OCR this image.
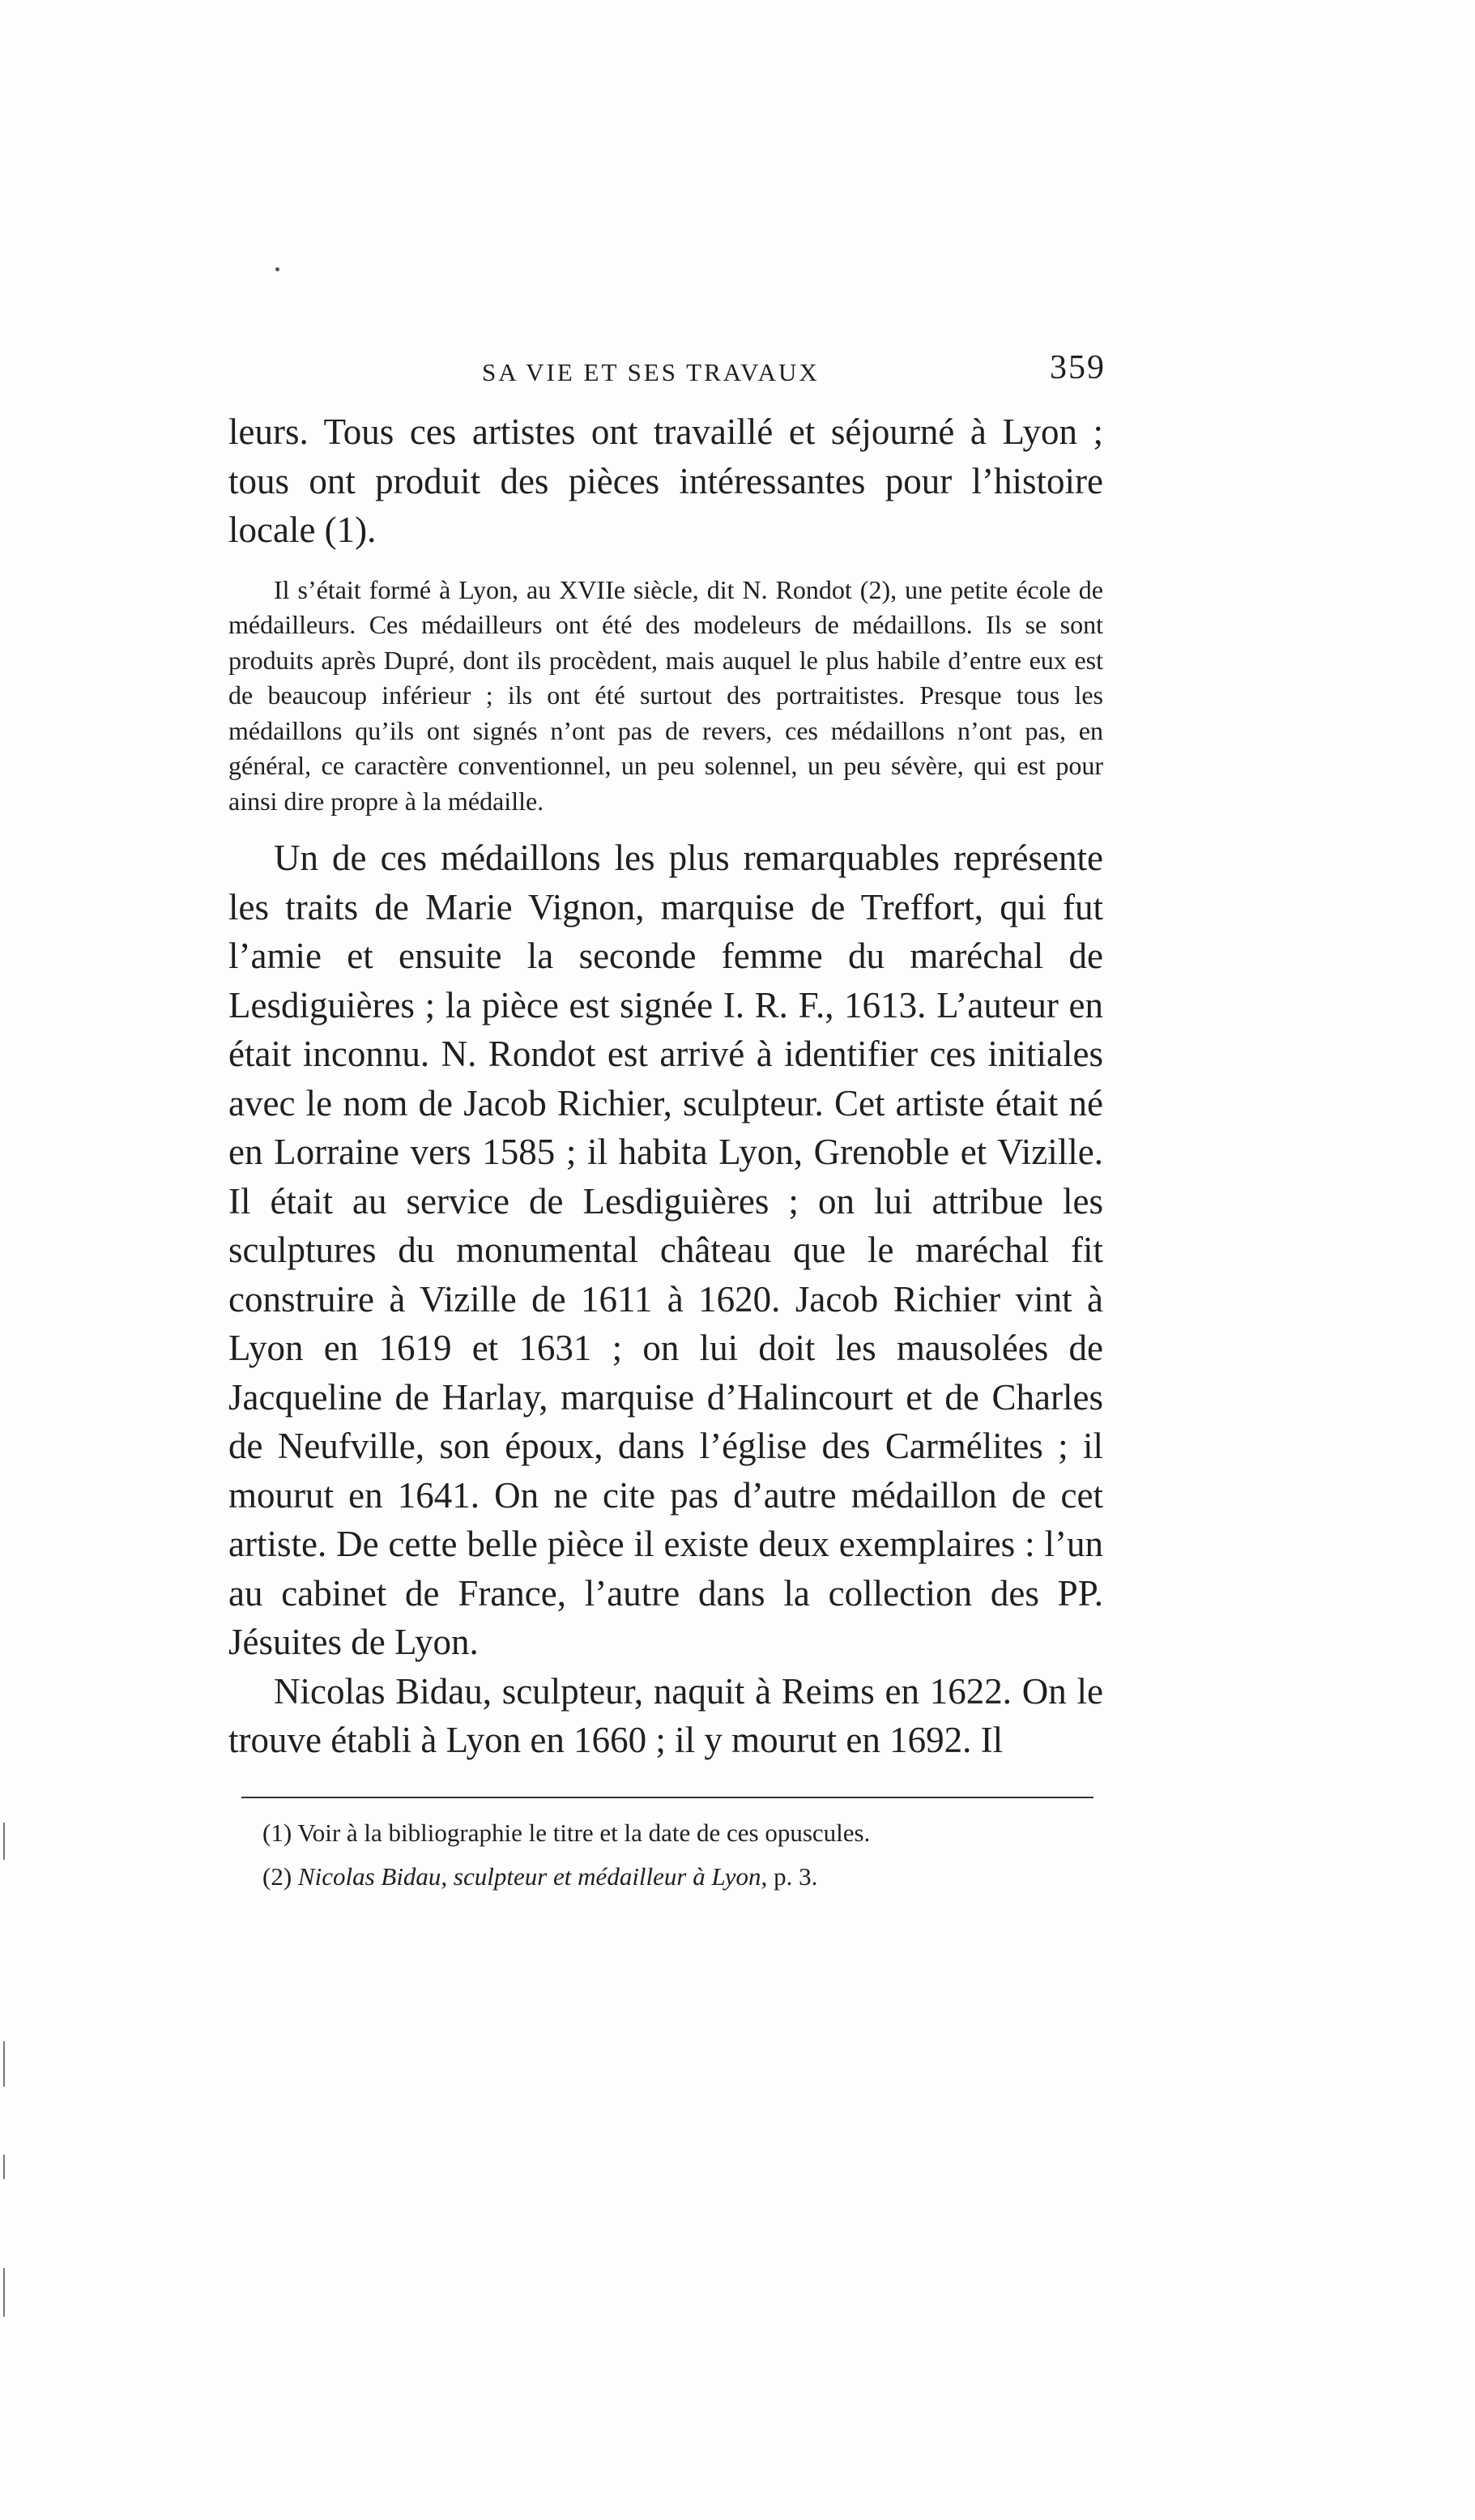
SA VIE ET SES TRAVAUX	359

leurs. Tous ces artistes ont travaillé et séjourné à Lyon ; tous ont produit des pièces intéressantes pour l’histoire locale (1).

Il s’était formé à Lyon, au XVIIe siècle, dit N. Rondot (2), une petite école de médailleurs. Ces médailleurs ont été des modeleurs de médaillons. Ils se sont produits après Dupré, dont ils procèdent, mais auquel le plus habile d’entre eux est de beaucoup inférieur ; ils ont été surtout des portraitistes. Presque tous les médaillons qu’ils ont signés n’ont pas de revers, ces médaillons n’ont pas, en général, ce caractère conventionnel, un peu solennel, un peu sévère, qui est pour ainsi dire propre à la médaille.

Un de ces médaillons les plus remarquables représente les traits de Marie Vignon, marquise de Treffort, qui fut l’amie et ensuite la seconde femme du maréchal de Lesdiguières ; la pièce est signée I. R. F., 1613. L’auteur en était inconnu. N. Rondot est arrivé à identifier ces initiales avec le nom de Jacob Richier, sculpteur. Cet artiste était né en Lorraine vers 1585 ; il habita Lyon, Grenoble et Vizille. Il était au service de Lesdiguières ; on lui attribue les sculptures du monumental château que le maréchal fit construire à Vizille de 1611 à 1620. Jacob Richier vint à Lyon en 1619 et 1631 ; on lui doit les mausolées de Jacqueline de Harlay, marquise d’Halincourt et de Charles de Neufville, son époux, dans l’église des Carmélites ; il mourut en 1641. On ne cite pas d’autre médaillon de cet artiste. De cette belle pièce il existe deux exemplaires : l’un au cabinet de France, l’autre dans la collection des PP. Jésuites de Lyon.

Nicolas Bidau, sculpteur, naquit à Reims en 1622. On le trouve établi à Lyon en 1660 ; il y mourut en 1692. Il

(1) Voir à la bibliographie le titre et la date de ces opuscules.

(2) Nicolas Bidau, sculpteur et médailleur à Lyon, p. 3.
